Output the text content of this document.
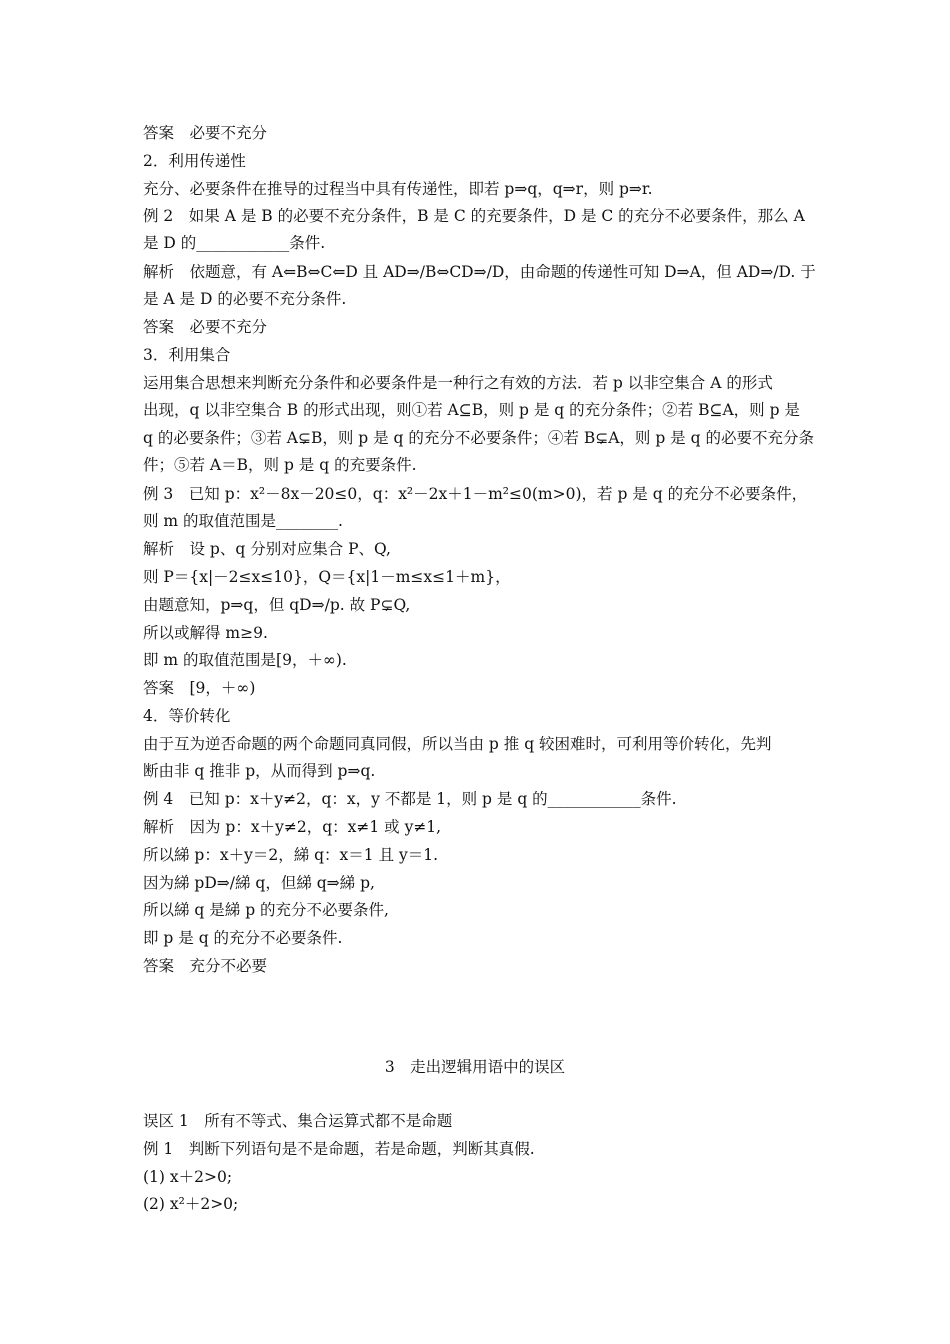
答案　必要不充分
2．利用传递性
充分、必要条件在推导的过程当中具有传递性，即若 p⇒q，q⇒r，则 p⇒r.
例 2　如果 A 是 B 的必要不充分条件，B 是 C 的充要条件，D 是 C 的充分不必要条件，那么 A
是 D 的____________条件.
解析　依题意，有 A⇐B⇔C⇐D 且 AD⇒/B⇔CD⇒/D，由命题的传递性可知 D⇒A，但 AD⇒/D. 于
是 A 是 D 的必要不充分条件.
答案　必要不充分
3．利用集合
运用集合思想来判断充分条件和必要条件是一种行之有效的方法．若 p 以非空集合 A 的形式
出现，q 以非空集合 B 的形式出现，则①若 A⊆B，则 p 是 q 的充分条件；②若 B⊆A，则 p 是
q 的必要条件；③若 A⊊B，则 p 是 q 的充分不必要条件；④若 B⊊A，则 p 是 q 的必要不充分条
件；⑤若 A＝B，则 p 是 q 的充要条件.
例 3　已知 p：x²－8x－20≤0，q：x²－2x＋1－m²≤0(m>0)，若 p 是 q 的充分不必要条件，
则 m 的取值范围是________.
解析　设 p、q 分别对应集合 P、Q,
则 P＝{x|－2≤x≤10}，Q＝{x|1－m≤x≤1＋m}，
由题意知，p⇒q，但 qD⇒/p. 故 P⊊Q,
所以或解得 m≥9.
即 m 的取值范围是[9，＋∞).
答案　[9，＋∞)
4．等价转化
由于互为逆否命题的两个命题同真同假，所以当由 p 推 q 较困难时，可利用等价转化，先判
断由非 q 推非 p，从而得到 p⇒q.
例 4　已知 p：x＋y≠2，q：x，y 不都是 1，则 p 是 q 的____________条件.
解析　因为 p：x＋y≠2，q：x≠1 或 y≠1,
所以綈 p：x＋y＝2，綈 q：x＝1 且 y＝1.
因为綈 pD⇒/綈 q，但綈 q⇒綈 p,
所以綈 q 是綈 p 的充分不必要条件,
即 p 是 q 的充分不必要条件.
答案　充分不必要
3　走出逻辑用语中的误区
误区 1　所有不等式、集合运算式都不是命题
例 1　判断下列语句是不是命题，若是命题，判断其真假.
(1) x＋2>0;
(2) x²＋2>0;
